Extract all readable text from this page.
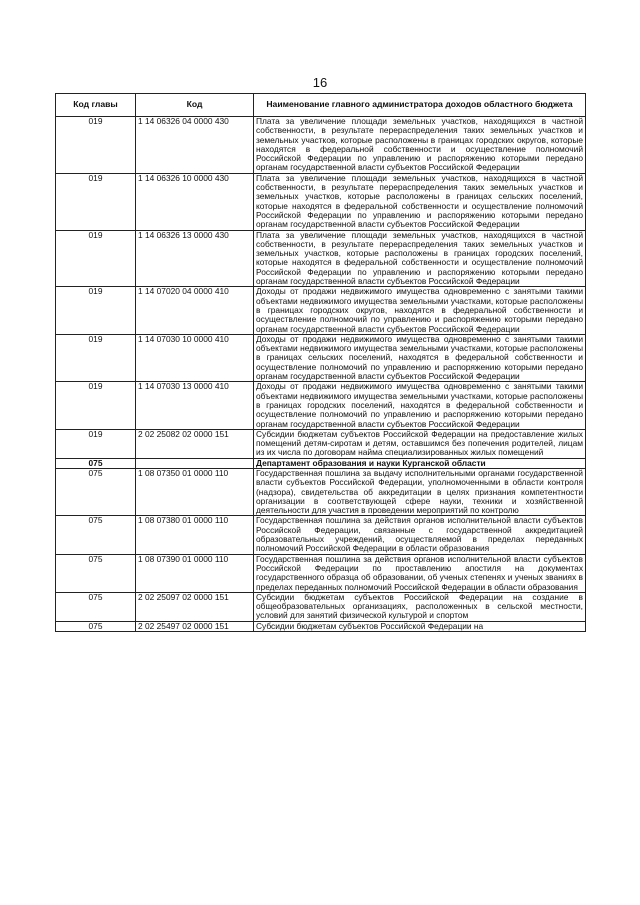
16
Код главы	Код	Наименование главного администратора доходов областного бюджета
019	1 14 06326 04 0000 430	Плата за увеличение площади земельных участков, находящихся в частной собственности, в результате перераспределения таких земельных участков и земельных участков, которые расположены в границах городских округов, которые находятся в федеральной собственности и осуществление полномочий Российской Федерации по управлению и распоряжению которыми передано органам государственной власти субъектов Российской Федерации
019	1 14 06326 10 0000 430	Плата за увеличение площади земельных участков, находящихся в частной собственности, в результате перераспределения таких земельных участков и земельных участков, которые расположены в границах сельских поселений, которые находятся в федеральной собственности и осуществление полномочий Российской Федерации по управлению и распоряжению которыми передано органам государственной власти субъектов Российской Федерации
019	1 14 06326 13 0000 430	Плата за увеличение площади земельных участков, находящихся в частной собственности, в результате перераспределения таких земельных участков и земельных участков, которые расположены в границах городских поселений, которые находятся в федеральной собственности и осуществление полномочий Российской Федерации по управлению и распоряжению которыми передано органам государственной власти субъектов Российской Федерации
019	1 14 07020 04 0000 410	Доходы от продажи недвижимого имущества одновременно с занятыми такими объектами недвижимого имущества земельными участками, которые расположены в границах городских округов, находятся в федеральной собственности и осуществление полномочий по управлению и распоряжению которыми передано органам государственной власти субъектов Российской Федерации
019	1 14 07030 10 0000 410	Доходы от продажи недвижимого имущества одновременно с занятыми такими объектами недвижимого имущества земельными участками, которые расположены в границах сельских поселений, находятся в федеральной собственности и осуществление полномочий по управлению и распоряжению которыми передано органам государственной власти субъектов Российской Федерации
019	1 14 07030 13 0000 410	Доходы от продажи недвижимого имущества одновременно с занятыми такими объектами недвижимого имущества земельными участками, которые расположены в границах городских поселений, находятся в федеральной собственности и осуществление полномочий по управлению и распоряжению которыми передано органам государственной власти субъектов Российской Федерации
019	2 02 25082 02 0000 151	Субсидии бюджетам субъектов Российской Федерации на предоставление жилых помещений детям-сиротам и детям, оставшимся без попечения родителей, лицам из их числа по договорам найма специализированных жилых помещений
075		Департамент образования и науки Курганской области
075	1 08 07350 01 0000 110	Государственная пошлина за выдачу исполнительными органами государственной власти субъектов Российской Федерации, уполномоченными в области контроля (надзора), свидетельства об аккредитации в целях признания компетентности организации в соответствующей сфере науки, техники и хозяйственной деятельности для участия в проведении мероприятий по контролю
075	1 08 07380 01 0000 110	Государственная пошлина за действия органов исполнительной власти субъектов Российской Федерации, связанные с государственной аккредитацией образовательных учреждений, осуществляемой в пределах переданных полномочий Российской Федерации в области образования
075	1 08 07390 01 0000 110	Государственная пошлина за действия органов исполнительной власти субъектов Российской Федерации по проставлению апостиля на документах государственного образца об образовании, об ученых степенях и ученых званиях в пределах переданных полномочий Российской Федерации в области образования
075	2 02 25097 02 0000 151	Субсидии бюджетам субъектов Российской Федерации на создание в общеобразовательных организациях, расположенных в сельской местности, условий для занятий физической культурой и спортом
075	2 02 25497 02 0000 151	Субсидии бюджетам субъектов Российской Федерации на
